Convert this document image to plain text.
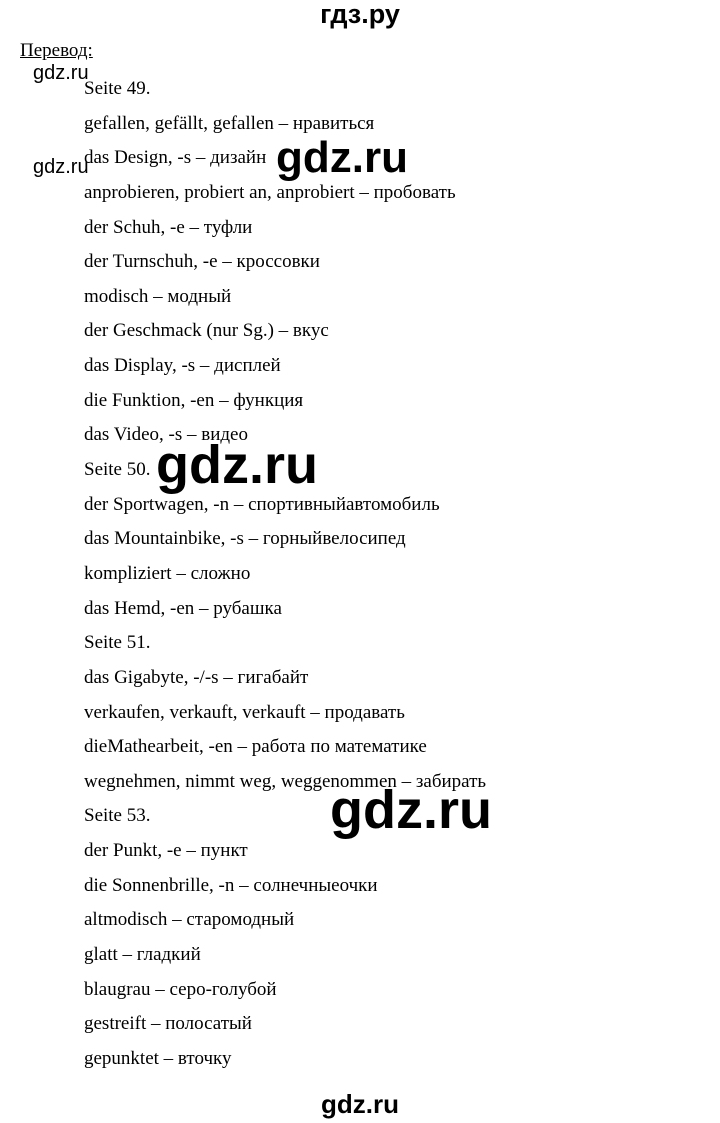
гдз.ру
Перевод:
Seite 49.
gefallen, gefällt, gefallen – нравиться
das Design, -s – дизайн
anprobieren, probiert an, anprobiert – пробовать
der Schuh, -e – туфли
der Turnschuh, -e – кроссовки
modisch – модный
der Geschmack (nur Sg.) – вкус
das Display, -s – дисплей
die Funktion, -en – функция
das Video, -s – видео
Seite 50.
der Sportwagen, -n – спортивныйавтомобиль
das Mountainbike, -s – горныйвелосипед
kompliziert – сложно
das Hemd, -en – рубашка
Seite 51.
das Gigabyte, -/-s – гигабайт
verkaufen, verkauft, verkauft – продавать
dieMathearbeit, -en – работа по математике
wegnehmen, nimmt weg, weggenommen – забирать
Seite 53.
der Punkt, -e – пункт
die Sonnenbrille, -n – солнечныеочки
altmodisch – старомодный
glatt – гладкий
blaugrau – серо-голубой
gestreift – полосатый
gepunktet – вточку
gdz.ru
gdz.ru	gdz.ru
gdz.ru
gdz.ru
gdz.ru
